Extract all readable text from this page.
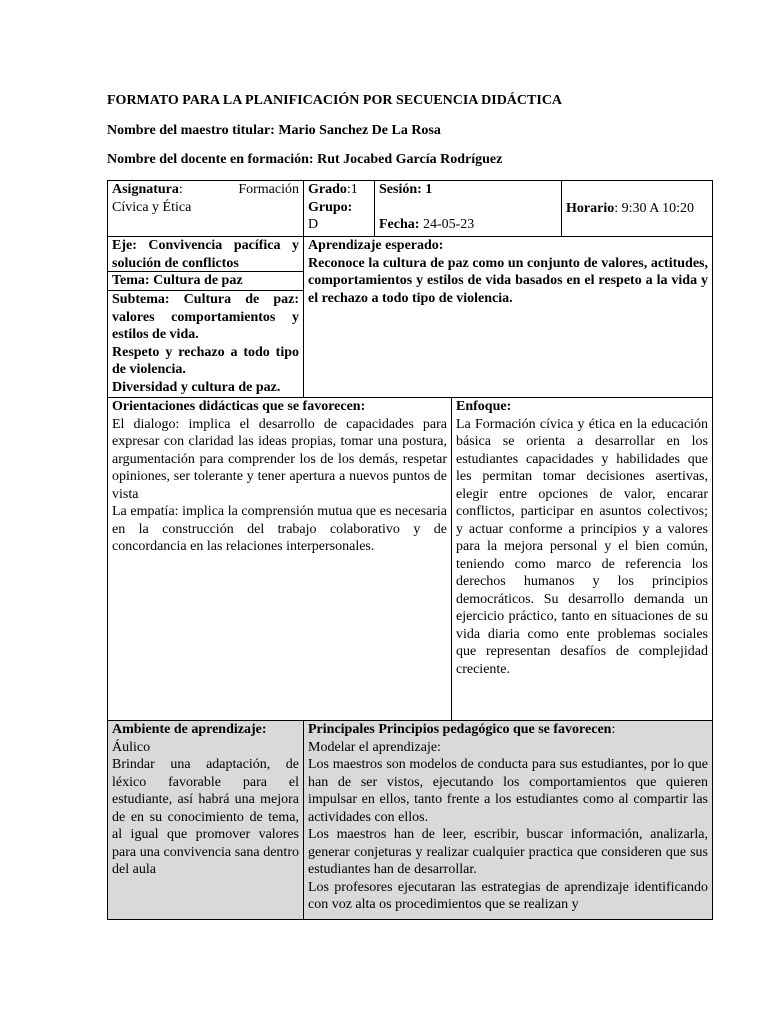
FORMATO PARA LA PLANIFICACIÓN POR SECUENCIA DIDÁCTICA
Nombre del maestro titular: Mario Sanchez De La Rosa
Nombre del docente en formación: Rut Jocabed García Rodríguez
Asignatura:	Formación
Cívica y Ética
Grado:1
Grupo:
D
Sesión: 1
Fecha: 24-05-23
Horario: 9:30 A 10:20
Eje: Convivencia pacífica y solución de conflictos
Tema: Cultura de paz

Subtema: Cultura de paz: valores comportamientos y estilos de vida.

Respeto y rechazo a todo tipo de violencia.

Diversidad y cultura de paz.

Aprendizaje esperado:

Reconoce la cultura de paz como un conjunto de valores, actitudes, comportamientos y estilos de vida basados en el respeto a la vida y el rechazo a todo tipo de violencia.

Orientaciones didácticas que se favorecen:

El dialogo: implica el desarrollo de capacidades para expresar con claridad las ideas propias, tomar una postura, argumentación para comprender los de los demás, respetar opiniones, ser tolerante y tener apertura a nuevos puntos de vista

La empatía: implica la comprensión mutua que es necesaria en la construcción del trabajo colaborativo y de concordancia en las relaciones interpersonales.

Enfoque:

La Formación cívica y ética en la educación básica se orienta a desarrollar en los estudiantes capacidades y habilidades que les permitan tomar decisiones asertivas, elegir entre opciones de valor, encarar conflictos, participar en asuntos colectivos; y actuar conforme a principios y a valores para la mejora personal y el bien común, teniendo como marco de referencia los derechos humanos y los principios democráticos. Su desarrollo demanda un ejercicio práctico, tanto en situaciones de su vida diaria como ente problemas sociales que representan desafíos de complejidad creciente.

Ambiente de aprendizaje:

Áulico

Brindar una adaptación, de léxico favorable para el estudiante, así habrá una mejora de en su conocimiento de tema, al igual que promover valores para una convivencia sana dentro del aula

Principales Principios pedagógico que se favorecen:

Modelar el aprendizaje:

Los maestros son modelos de conducta para sus estudiantes, por lo que han de ser vistos, ejecutando los comportamientos que quieren impulsar en ellos, tanto frente a los estudiantes como al compartir las actividades con ellos.

Los maestros han de leer, escribir, buscar información, analizarla, generar conjeturas y realizar cualquier practica que consideren que sus estudiantes han de desarrollar.

Los profesores ejecutaran las estrategias de aprendizaje identificando con voz alta os procedimientos que se realizan y
